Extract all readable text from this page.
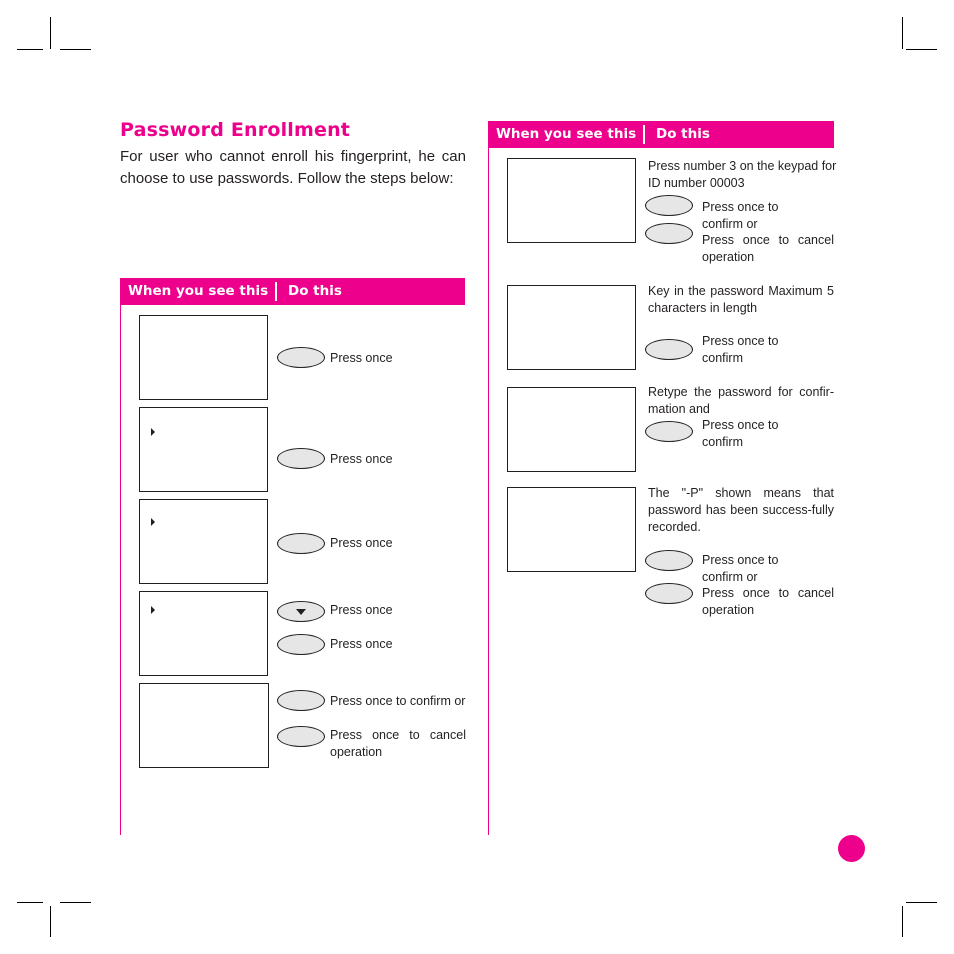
Password Enrollment
For user who cannot enroll his fingerprint, he can choose to use passwords. Follow the steps below:
When you see this Do this
Press once
Press once
Press once
Press once
Press once
Press once to confirm or
Press once to cancel operation
When you see this Do this
Press number 3 on the keypad for ID number 00003
Press once to confirm or
Press once to cancel operation
Key in the password Maximum 5 characters in length
Press once to confirm
Retype the password for confir-mation and
Press once to confirm
The "-P" shown means that password has been success-fully recorded.
Press once to confirm or
Press once to cancel operation
